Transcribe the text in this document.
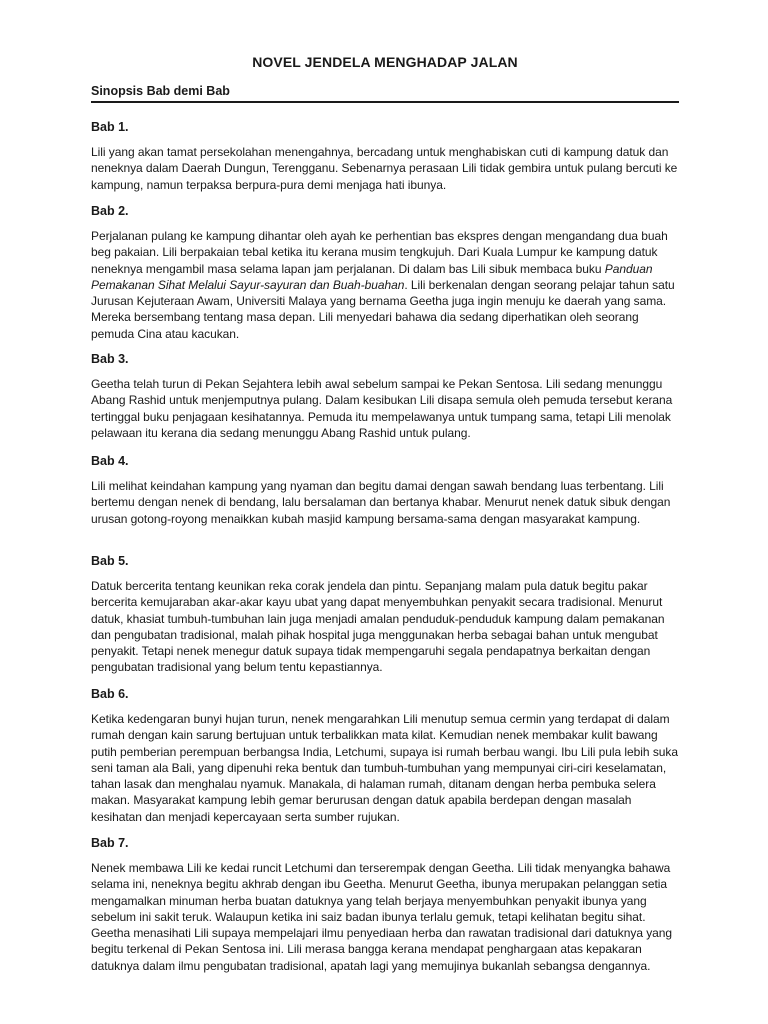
NOVEL JENDELA MENGHADAP JALAN
Sinopsis Bab demi Bab
Bab 1.

Lili yang akan tamat persekolahan menengahnya, bercadang untuk menghabiskan cuti di kampung datuk dan neneknya dalam Daerah Dungun, Terengganu. Sebenarnya perasaan Lili tidak gembira untuk pulang bercuti ke kampung, namun terpaksa berpura-pura demi menjaga hati ibunya.

Bab 2.

Perjalanan pulang ke kampung dihantar oleh ayah ke perhentian bas ekspres dengan mengandang dua buah beg pakaian. Lili berpakaian tebal ketika itu kerana musim tengkujuh. Dari Kuala Lumpur ke kampung datuk neneknya mengambil masa selama lapan jam perjalanan. Di dalam bas Lili sibuk membaca buku Panduan Pemakanan Sihat Melalui Sayur-sayuran dan Buah-buahan. Lili berkenalan dengan seorang pelajar tahun satu Jurusan Kejuteraan Awam, Universiti Malaya yang bernama Geetha juga ingin menuju ke daerah yang sama. Mereka bersembang tentang masa depan. Lili menyedari bahawa dia sedang diperhatikan oleh seorang pemuda Cina atau kacukan.

Bab 3.

Geetha telah turun di Pekan Sejahtera lebih awal sebelum sampai ke Pekan Sentosa. Lili sedang menunggu Abang Rashid untuk menjemputnya pulang. Dalam kesibukan Lili disapa semula oleh pemuda tersebut kerana tertinggal buku penjagaan kesihatannya. Pemuda itu mempelawanya untuk tumpang sama, tetapi Lili menolak pelawaan itu kerana dia sedang menunggu Abang Rashid untuk pulang.

Bab 4.

Lili melihat keindahan kampung yang nyaman dan begitu damai dengan sawah bendang luas terbentang. Lili bertemu dengan nenek di bendang, lalu bersalaman dan bertanya khabar. Menurut nenek datuk sibuk dengan urusan gotong-royong menaikkan kubah masjid kampung bersama-sama dengan masyarakat kampung.

Bab 5.

Datuk bercerita tentang keunikan reka corak jendela dan pintu. Sepanjang malam pula datuk begitu pakar bercerita kemujaraban akar-akar kayu ubat yang dapat menyembuhkan penyakit secara tradisional. Menurut datuk, khasiat tumbuh-tumbuhan lain juga menjadi amalan penduduk-penduduk kampung dalam pemakanan dan pengubatan tradisional, malah pihak hospital juga menggunakan herba sebagai bahan untuk mengubat penyakit. Tetapi nenek menegur datuk supaya tidak mempengaruhi segala pendapatnya berkaitan dengan pengubatan tradisional yang belum tentu kepastiannya.

Bab 6.

Ketika kedengaran bunyi hujan turun, nenek mengarahkan Lili menutup semua cermin yang terdapat di dalam rumah dengan kain sarung bertujuan untuk terbalikkan mata kilat. Kemudian nenek membakar kulit bawang putih pemberian perempuan berbangsa India, Letchumi, supaya isi rumah berbau wangi. Ibu Lili pula lebih suka seni taman ala Bali, yang dipenuhi reka bentuk dan tumbuh-tumbuhan yang mempunyai ciri-ciri keselamatan, tahan lasak dan menghalau nyamuk. Manakala, di halaman rumah, ditanam dengan herba pembuka selera makan. Masyarakat kampung lebih gemar berurusan dengan datuk apabila berdepan dengan masalah kesihatan dan menjadi kepercayaan serta sumber rujukan.

Bab 7.

Nenek membawa Lili ke kedai runcit Letchumi dan terserempak dengan Geetha. Lili tidak menyangka bahawa selama ini, neneknya begitu akhrab dengan ibu Geetha. Menurut Geetha, ibunya merupakan pelanggan setia mengamalkan minuman herba buatan datuknya yang telah berjaya menyembuhkan penyakit ibunya yang sebelum ini sakit teruk. Walaupun ketika ini saiz badan ibunya terlalu gemuk, tetapi kelihatan begitu sihat. Geetha menasihati Lili supaya mempelajari ilmu penyediaan herba dan rawatan tradisional dari datuknya yang begitu terkenal di Pekan Sentosa ini. Lili merasa bangga kerana mendapat penghargaan atas kepakaran datuknya dalam ilmu pengubatan tradisional, apatah lagi yang memujinya bukanlah sebangsa dengannya.
